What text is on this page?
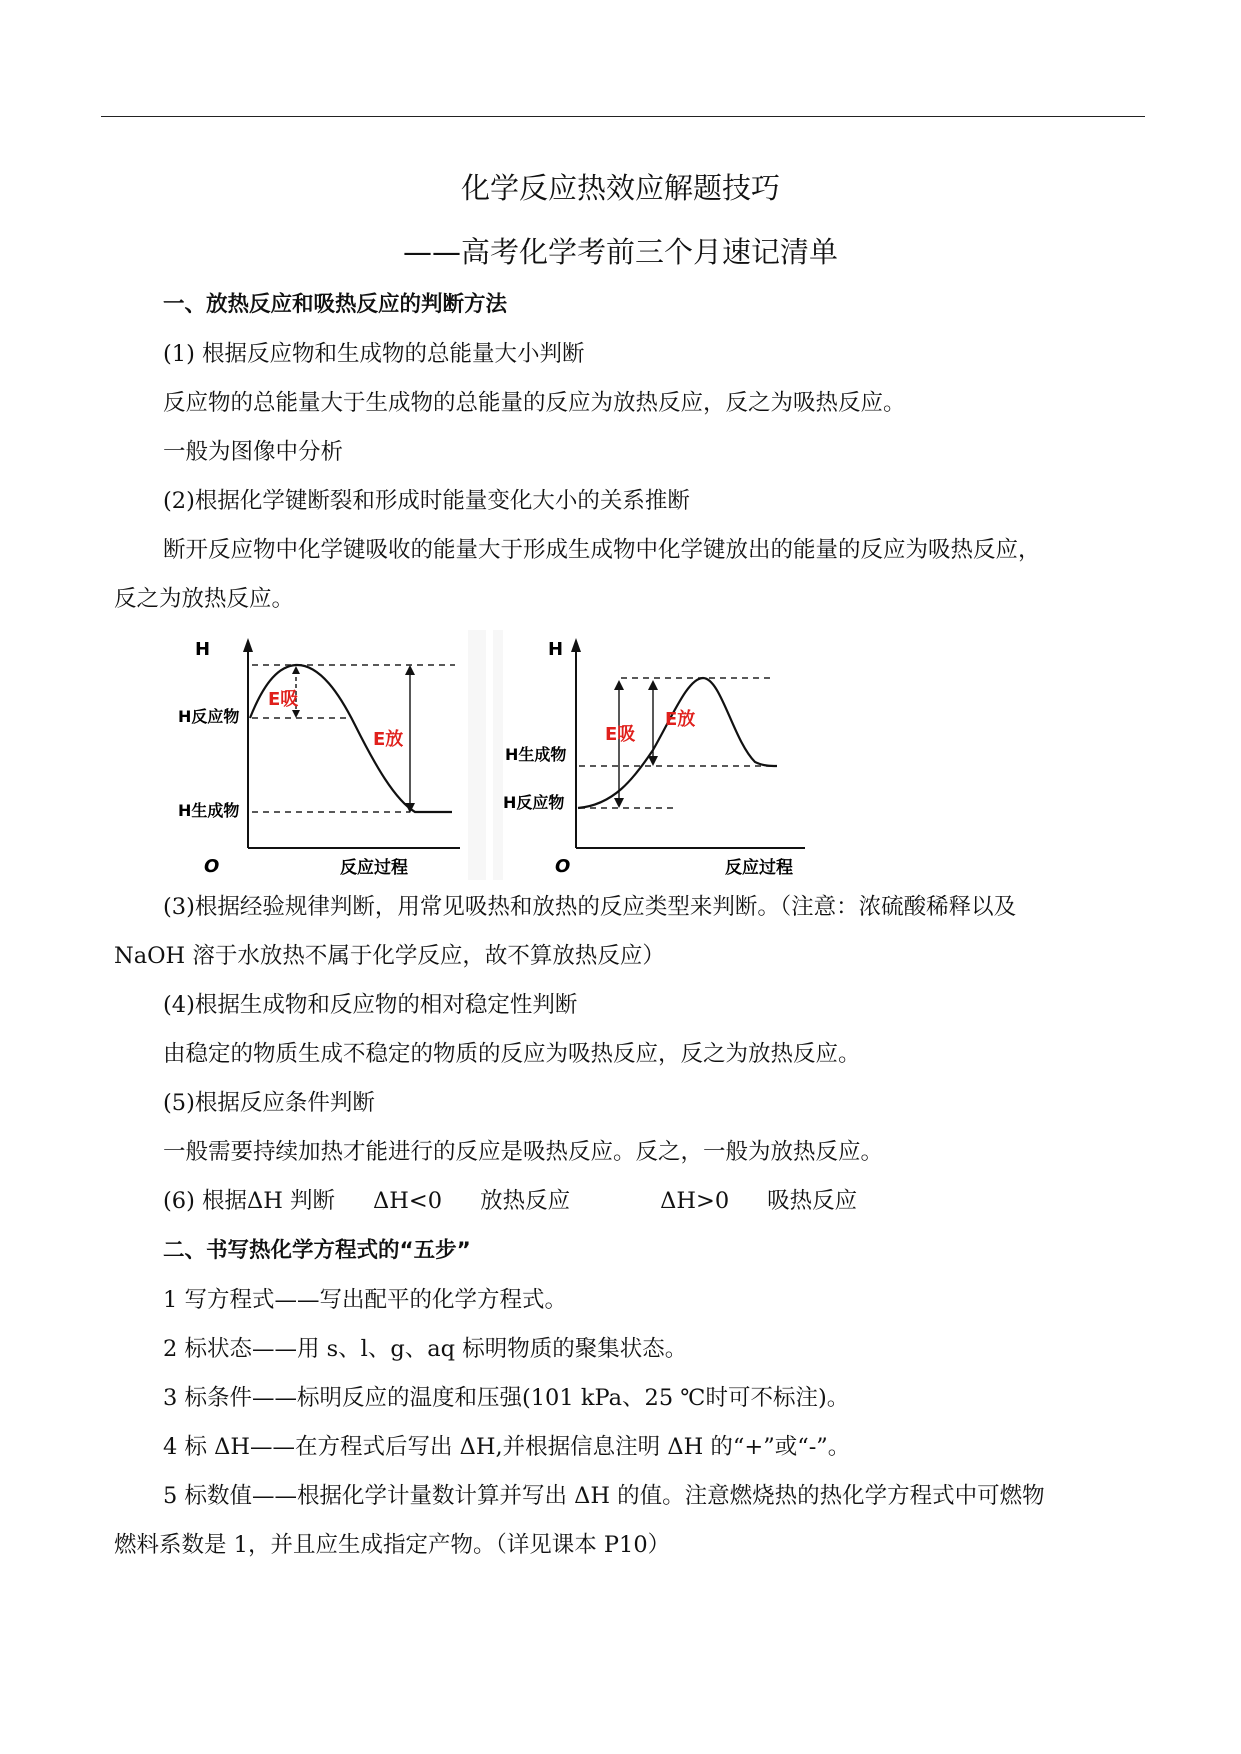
化学反应热效应解题技巧
——高考化学考前三个月速记清单
一、放热反应和吸热反应的判断方法
(1) 根据反应物和生成物的总能量大小判断
反应物的总能量大于生成物的总能量的反应为放热反应，反之为吸热反应。
一般为图像中分析
(2)根据化学键断裂和形成时能量变化大小的关系推断
断开反应物中化学键吸收的能量大于形成生成物中化学键放出的能量的反应为吸热反应，
反之为放热反应。
H
H反应物
H生成物
O	反应过程
E吸
E放
H
H生成物
H反应物
O	反应过程
E吸
E放
(3)根据经验规律判断，用常见吸热和放热的反应类型来判断。（注意：浓硫酸稀释以及
NaOH 溶于水放热不属于化学反应，故不算放热反应）
(4)根据生成物和反应物的相对稳定性判断
由稳定的物质生成不稳定的物质的反应为吸热反应，反之为放热反应。
(5)根据反应条件判断
一般需要持续加热才能进行的反应是吸热反应。反之，一般为放热反应。
(6) 根据ΔH 判断 ΔH<0 放热反应	ΔH>0 吸热反应
二、书写热化学方程式的“五步”
1 写方程式——写出配平的化学方程式。
2 标状态——用 s、l、g、aq 标明物质的聚集状态。
3 标条件——标明反应的温度和压强(101 kPa、25 ℃时可不标注)。
4 标 ΔH——在方程式后写出 ΔH,并根据信息注明 ΔH 的“+”或“-”。
5 标数值——根据化学计量数计算并写出 ΔH 的值。注意燃烧热的热化学方程式中可燃物
燃料系数是 1，并且应生成指定产物。（详见课本 P10）
